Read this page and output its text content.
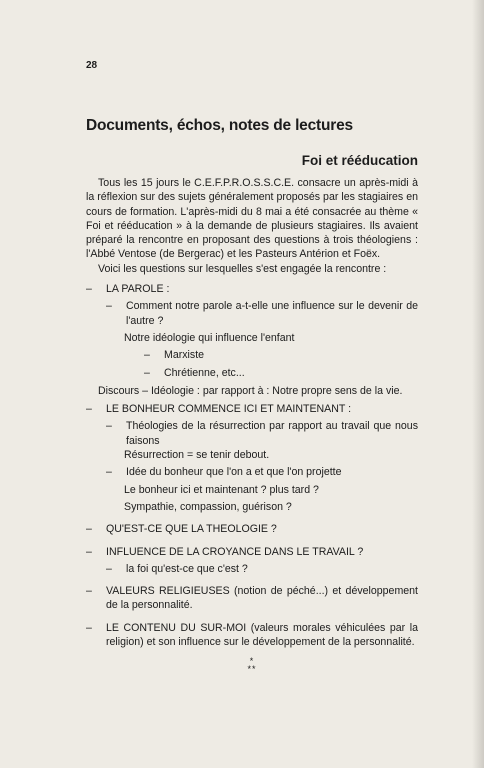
28
Documents, échos, notes de lectures
Foi et rééducation

Tous les 15 jours le C.E.F.P.R.O.S.S.C.E. consacre un après-midi à la réflexion sur des sujets généralement proposés par les stagiaires en cours de formation. L'après-midi du 8 mai a été consacrée au thème « Foi et rééducation » à la demande de plusieurs stagiaires. Ils avaient préparé la rencontre en proposant des questions à trois théologiens : l'Abbé Ventose (de Bergerac) et les Pasteurs Antérion et Foëx.

Voici les questions sur lesquelles s'est engagée la rencontre :

–	LA PAROLE :
–	Comment notre parole a-t-elle une influence sur le devenir de l'autre ?
Notre idéologie qui influence l'enfant
–	Marxiste
–	Chrétienne, etc...

Discours – Idéologie : par rapport à : Notre propre sens de la vie.

–	LE BONHEUR COMMENCE ICI ET MAINTENANT :
–	Théologies de la résurrection par rapport au travail que nous faisons
Résurrection = se tenir debout.
–	Idée du bonheur que l'on a et que l'on projette
Le bonheur ici et maintenant ? plus tard ?
Sympathie, compassion, guérison ?
–	QU'EST-CE QUE LA THEOLOGIE ?
–	INFLUENCE DE LA CROYANCE DANS LE TRAVAIL ?
–	la foi qu'est-ce que c'est ?
–	VALEURS RELIGIEUSES (notion de péché...) et développement de la personnalité.
–	LE CONTENU DU SUR-MOI (valeurs morales véhiculées par la religion) et son influence sur le développement de la personnalité.
*
**
